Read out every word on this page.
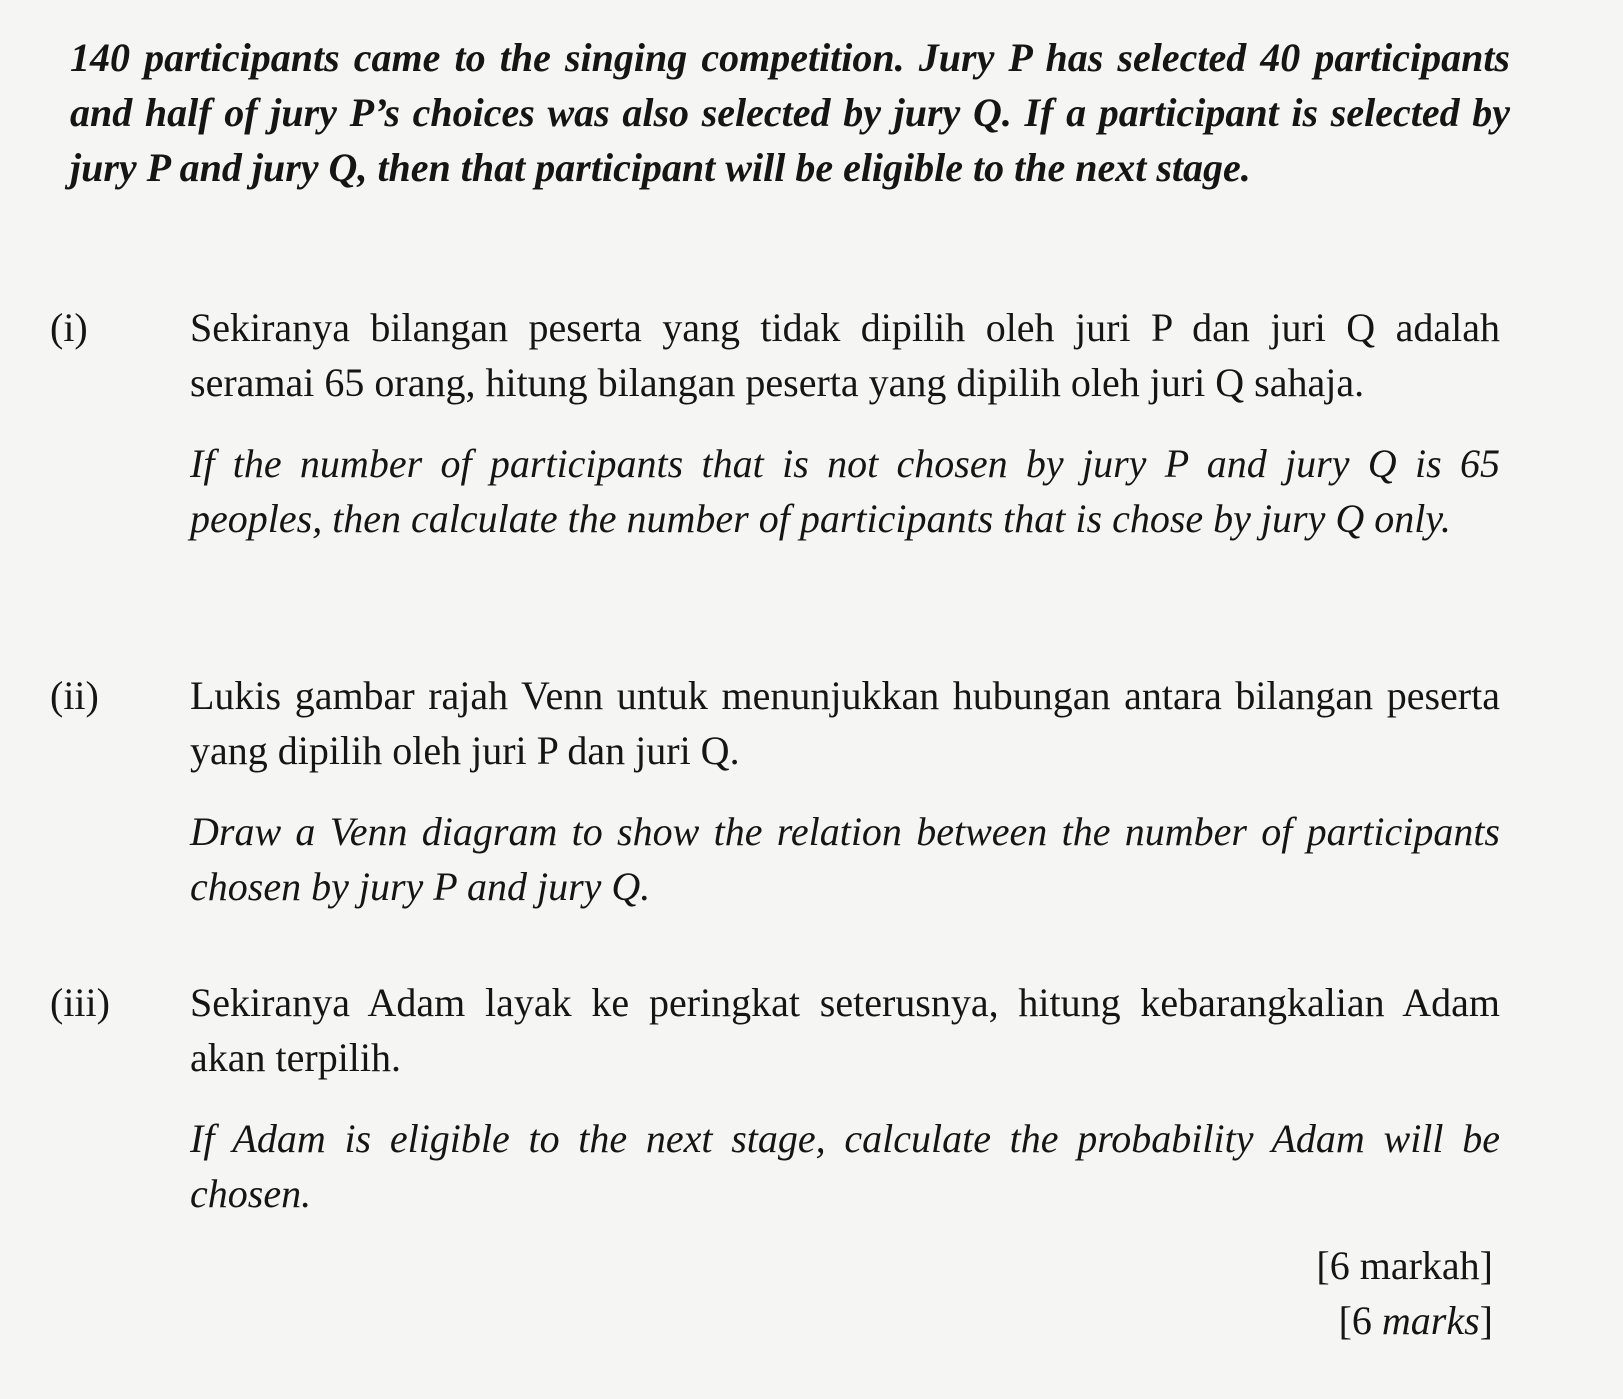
140 participants came to the singing competition. Jury P has selected 40 participants and half of jury P’s choices was also selected by jury Q. If a participant is selected by jury P and jury Q, then that participant will be eligible to the next stage.
(i)	Sekiranya bilangan peserta yang tidak dipilih oleh juri P dan juri Q adalah seramai 65 orang, hitung bilangan peserta yang dipilih oleh juri Q sahaja.
If the number of participants that is not chosen by jury P and jury Q is 65 peoples, then calculate the number of participants that is chose by jury Q only.
(ii) Lukis gambar rajah Venn untuk menunjukkan hubungan antara bilangan peserta yang dipilih oleh juri P dan juri Q.
Draw a Venn diagram to show the relation between the number of participants chosen by jury P and jury Q.
(iii) Sekiranya Adam layak ke peringkat seterusnya, hitung kebarangkalian Adam akan terpilih.
If Adam is eligible to the next stage, calculate the probability Adam will be chosen.
[6 markah]
[6 marks]
